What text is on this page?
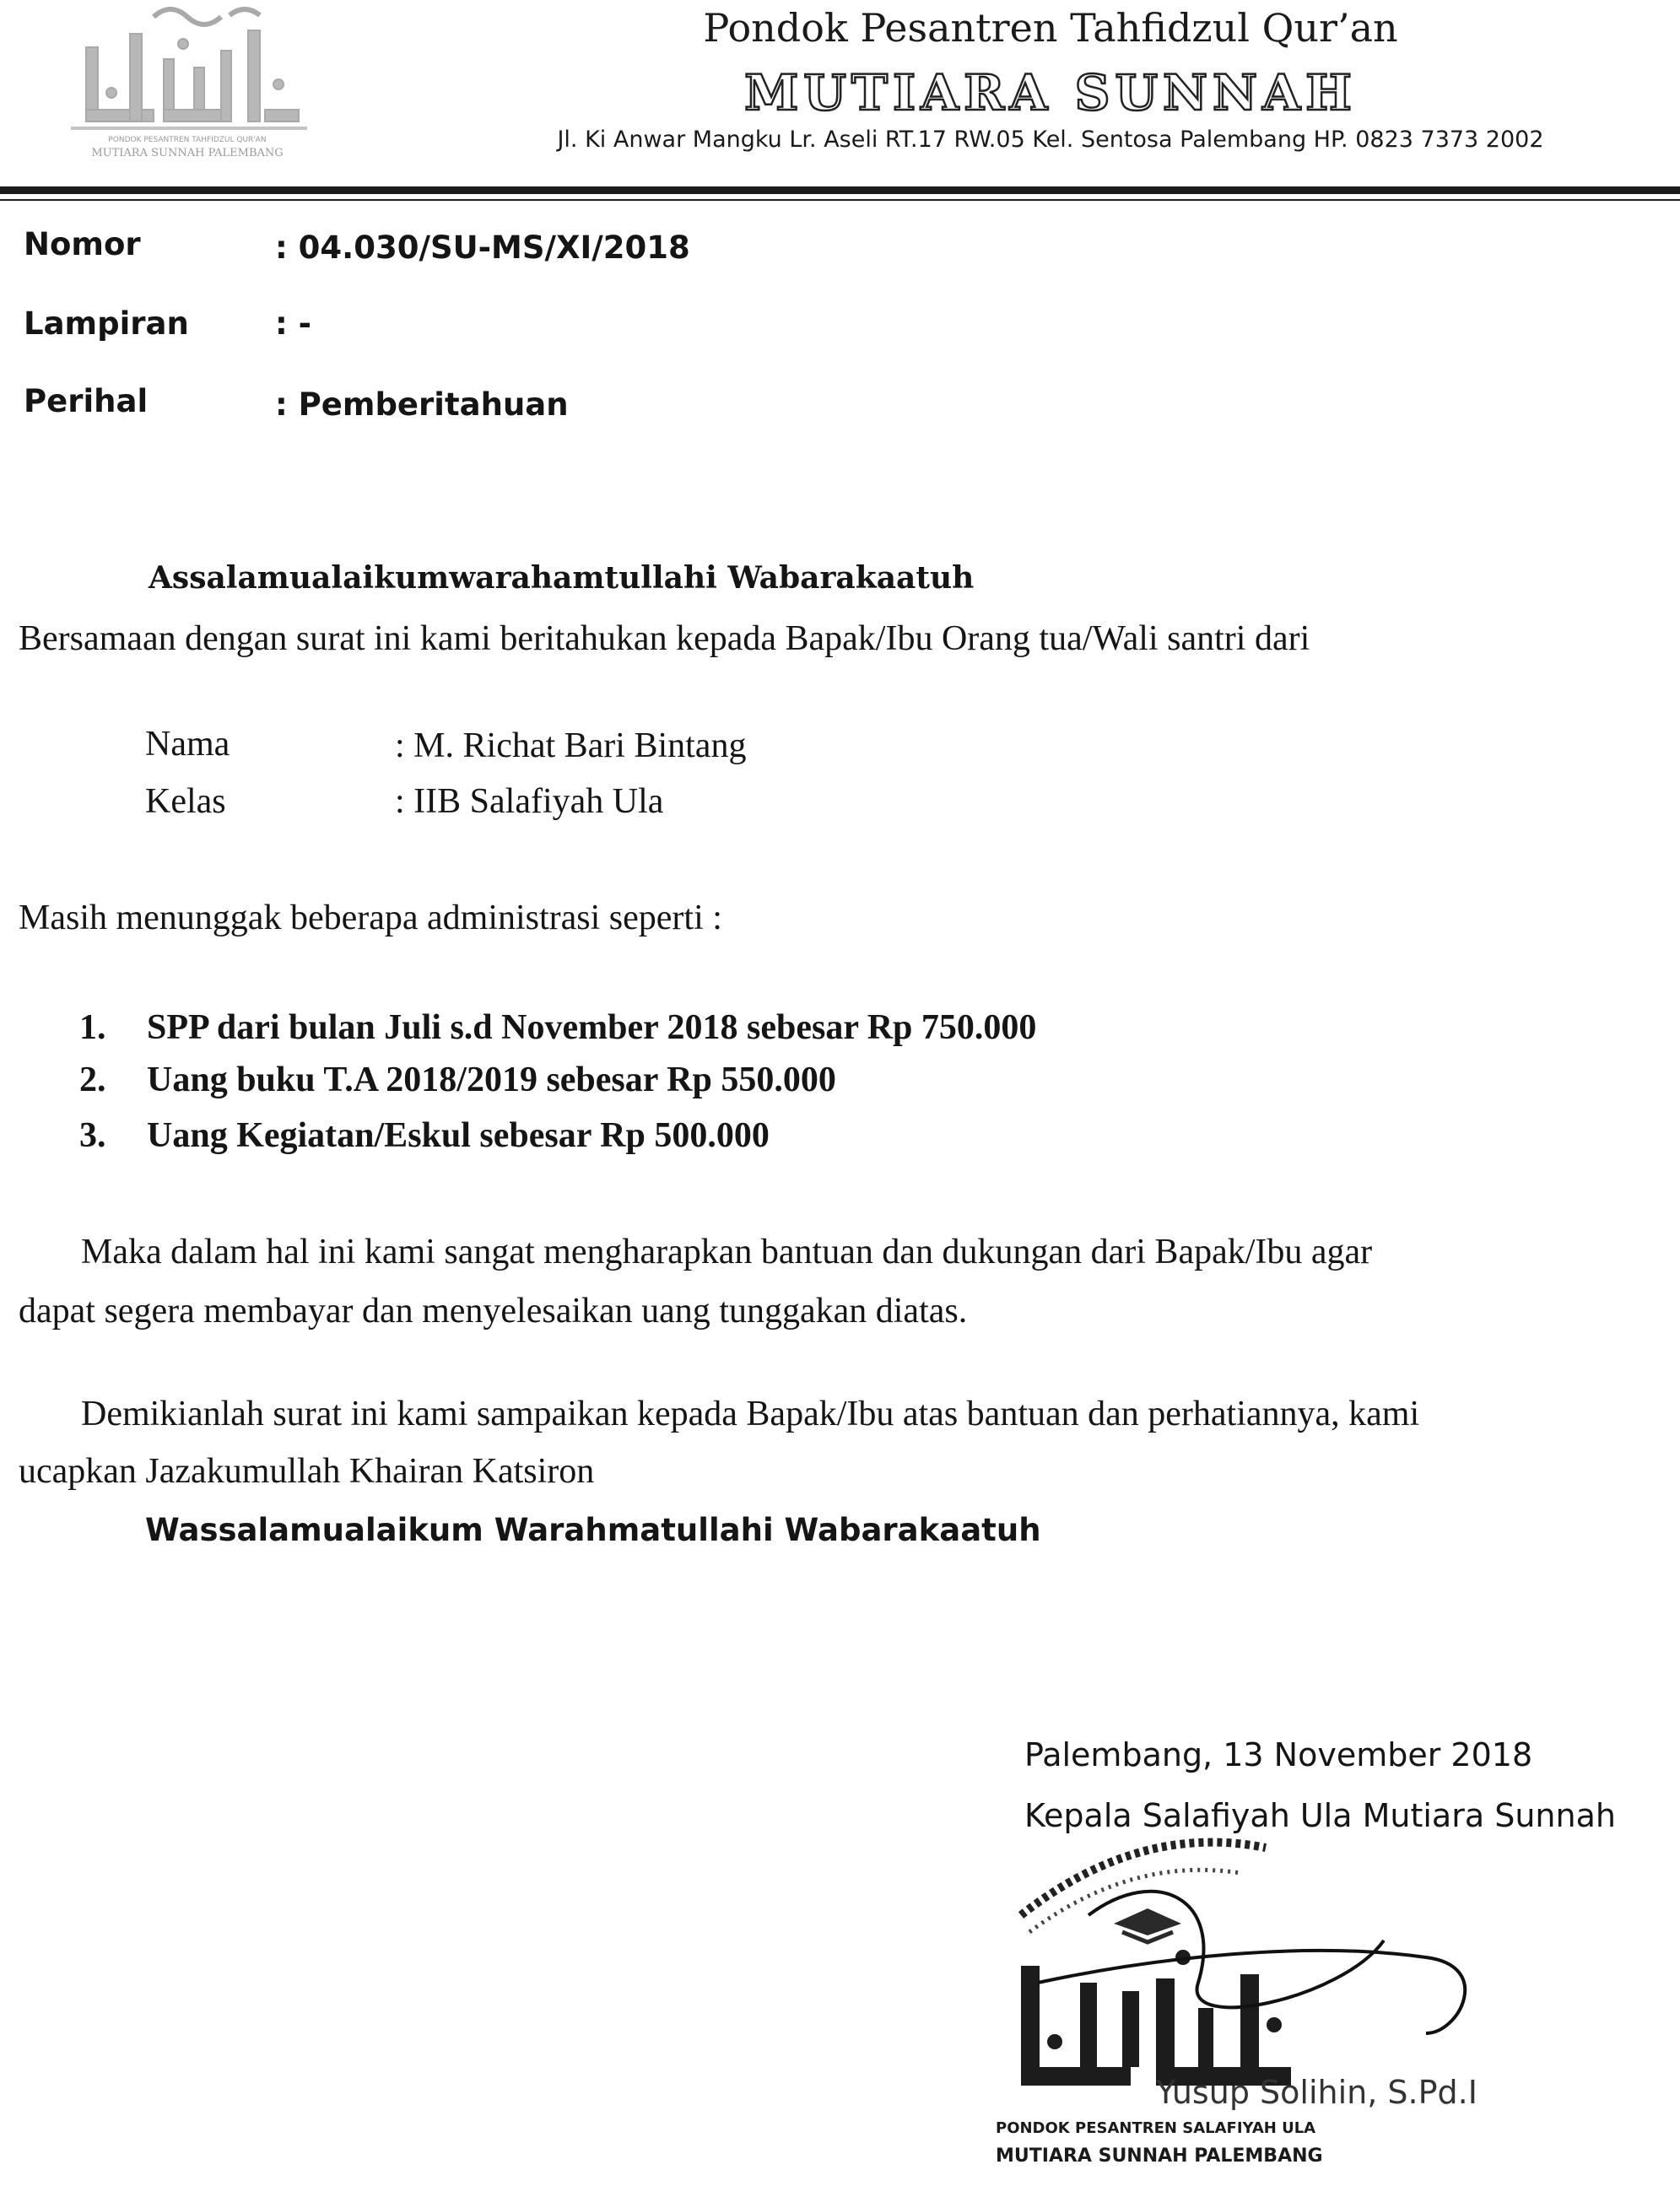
PONDOK PESANTREN TAHFIDZUL QUR'AN
MUTIARA SUNNAH PALEMBANG
Pondok Pesantren Tahfidzul Qur’an
MUTIARA SUNNAH
Jl. Ki Anwar Mangku Lr. Aseli RT.17 RW.05 Kel. Sentosa Palembang HP. 0823 7373 2002
Nomor	: 04.030/SU-MS/XI/2018
Lampiran	: -
Perihal	: Pemberitahuan
Assalamualaikumwarahamtullahi Wabarakaatuh
Bersamaan dengan surat ini kami beritahukan kepada Bapak/Ibu Orang tua/Wali santri dari
Nama	: M. Richat Bari Bintang
Kelas	: IIB Salafiyah Ula
Masih menunggak beberapa administrasi seperti :
1. SPP dari bulan Juli s.d November 2018 sebesar Rp 750.000
2. Uang buku T.A 2018/2019 sebesar Rp 550.000
3. Uang Kegiatan/Eskul sebesar Rp 500.000
Maka dalam hal ini kami sangat mengharapkan bantuan dan dukungan dari Bapak/Ibu agar
dapat segera membayar dan menyelesaikan uang tunggakan diatas.
Demikianlah surat ini kami sampaikan kepada Bapak/Ibu atas bantuan dan perhatiannya, kami
ucapkan Jazakumullah Khairan Katsiron
Wassalamualaikum Warahmatullahi Wabarakaatuh
Palembang, 13 November 2018
Kepala Salafiyah Ula Mutiara Sunnah
PONDOK PESANTREN SALAFIYAH ULA
MUTIARA SUNNAH PALEMBANG
Yusup Solihin, S.Pd.I
